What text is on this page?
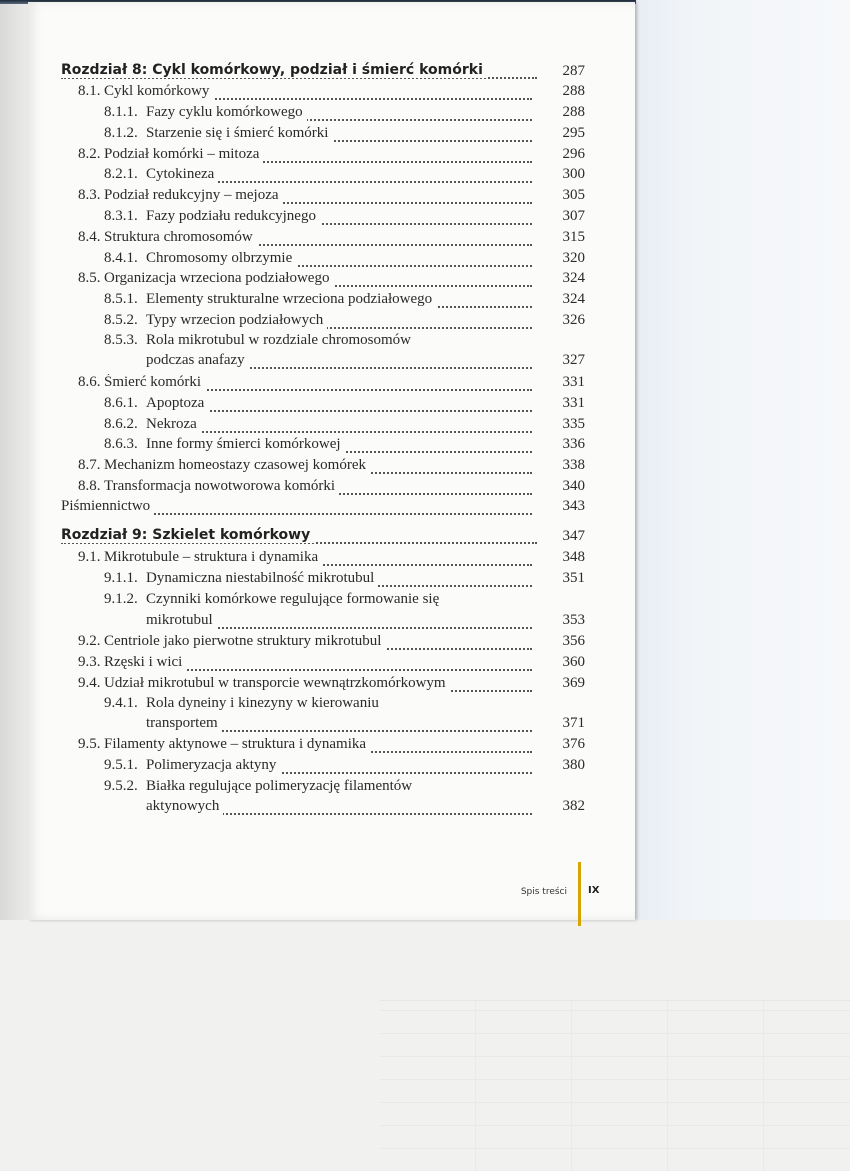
Rozdział 8: Cykl komórkowy, podział i śmierć komórki	287
8.1. Cykl komórkowy	288
8.1.1. Fazy cyklu komórkowego	288
8.1.2. Starzenie się i śmierć komórki	295
8.2. Podział komórki – mitoza	296
8.2.1. Cytokineza	300
8.3. Podział redukcyjny – mejoza	305
8.3.1. Fazy podziału redukcyjnego	307
8.4. Struktura chromosomów	315
8.4.1. Chromosomy olbrzymie	320
8.5. Organizacja wrzeciona podziałowego	324
8.5.1. Elementy strukturalne wrzeciona podziałowego	324
8.5.2. Typy wrzecion podziałowych	326
8.5.3. Rola mikrotubul w rozdziale chromosomów
podczas anafazy	327
8.6. Śmierć komórki	331
8.6.1. Apoptoza	331
8.6.2. Nekroza	335
8.6.3. Inne formy śmierci komórkowej	336
8.7. Mechanizm homeostazy czasowej komórek	338
8.8. Transformacja nowotworowa komórki	340
Piśmiennictwo	343
Rozdział 9: Szkielet komórkowy	347
9.1. Mikrotubule – struktura i dynamika	348
9.1.1. Dynamiczna niestabilność mikrotubul	351
9.1.2. Czynniki komórkowe regulujące formowanie się
mikrotubul	353
9.2. Centriole jako pierwotne struktury mikrotubul	356
9.3. Rzęski i wici	360
9.4. Udział mikrotubul w transporcie wewnątrzkomórkowym	369
9.4.1. Rola dyneiny i kinezyny w kierowaniu
transportem	371
9.5. Filamenty aktynowe – struktura i dynamika	376
9.5.1. Polimeryzacja aktyny	380
9.5.2. Białka regulujące polimeryzację filamentów
aktynowych	382
Spis treści IX
